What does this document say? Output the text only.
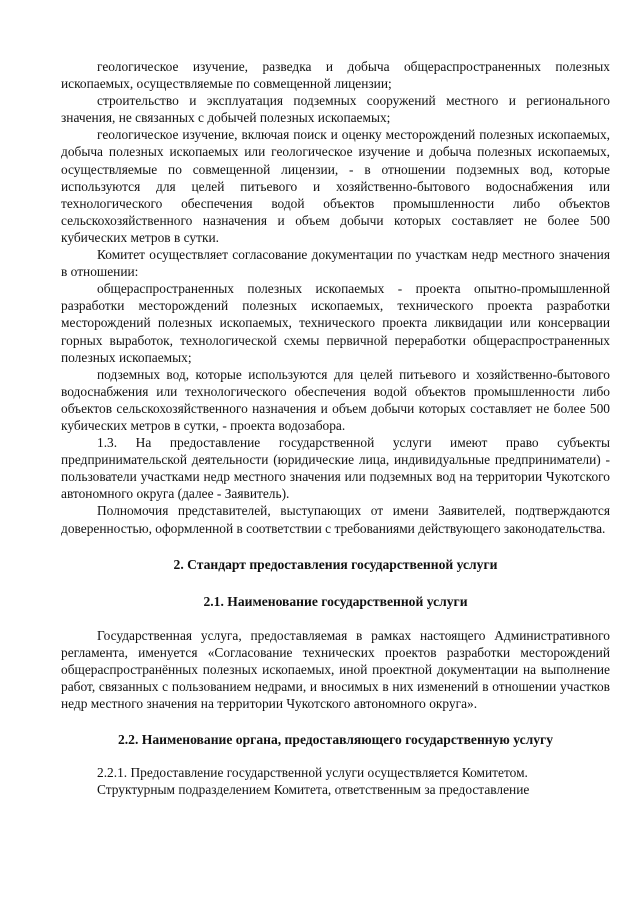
геологическое изучение, разведка и добыча общераспространенных полезных ископаемых, осуществляемые по совмещенной лицензии;

строительство и эксплуатация подземных сооружений местного и регионального значения, не связанных с добычей полезных ископаемых;

геологическое изучение, включая поиск и оценку месторождений полезных ископаемых, добыча полезных ископаемых или геологическое изучение и добыча полезных ископаемых, осуществляемые по совмещенной лицензии, - в отношении подземных вод, которые используются для целей питьевого и хозяйственно-бытового водоснабжения или технологического обеспечения водой объектов промышленности либо объектов сельскохозяйственного назначения и объем добычи которых составляет не более 500 кубических метров в сутки.

Комитет осуществляет согласование документации по участкам недр местного значения в отношении:

общераспространенных полезных ископаемых - проекта опытно-промышленной разработки месторождений полезных ископаемых, технического проекта разработки месторождений полезных ископаемых, технического проекта ликвидации или консервации горных выработок, технологической схемы первичной переработки общераспространенных полезных ископаемых;

подземных вод, которые используются для целей питьевого и хозяйственно-бытового водоснабжения или технологического обеспечения водой объектов промышленности либо объектов сельскохозяйственного назначения и объем добычи которых составляет не более 500 кубических метров в сутки, - проекта водозабора.

1.3. На предоставление государственной услуги имеют право субъекты предпринимательской деятельности (юридические лица, индивидуальные предприниматели) - пользователи участками недр местного значения или подземных вод на территории Чукотского автономного округа (далее - Заявитель).

Полномочия представителей, выступающих от имени Заявителей, подтверждаются доверенностью, оформленной в соответствии с требованиями действующего законодательства.

2. Стандарт предоставления государственной услуги

2.1. Наименование государственной услуги

Государственная услуга, предоставляемая в рамках настоящего Административного регламента, именуется «Согласование технических проектов разработки месторождений общераспространённых полезных ископаемых, иной проектной документации на выполнение работ, связанных с пользованием недрами, и вносимых в них изменений в отношении участков недр местного значения на территории Чукотского автономного округа».

2.2. Наименование органа, предоставляющего государственную услугу

2.2.1. Предоставление государственной услуги осуществляется Комитетом.

Структурным подразделением Комитета, ответственным за предоставление
